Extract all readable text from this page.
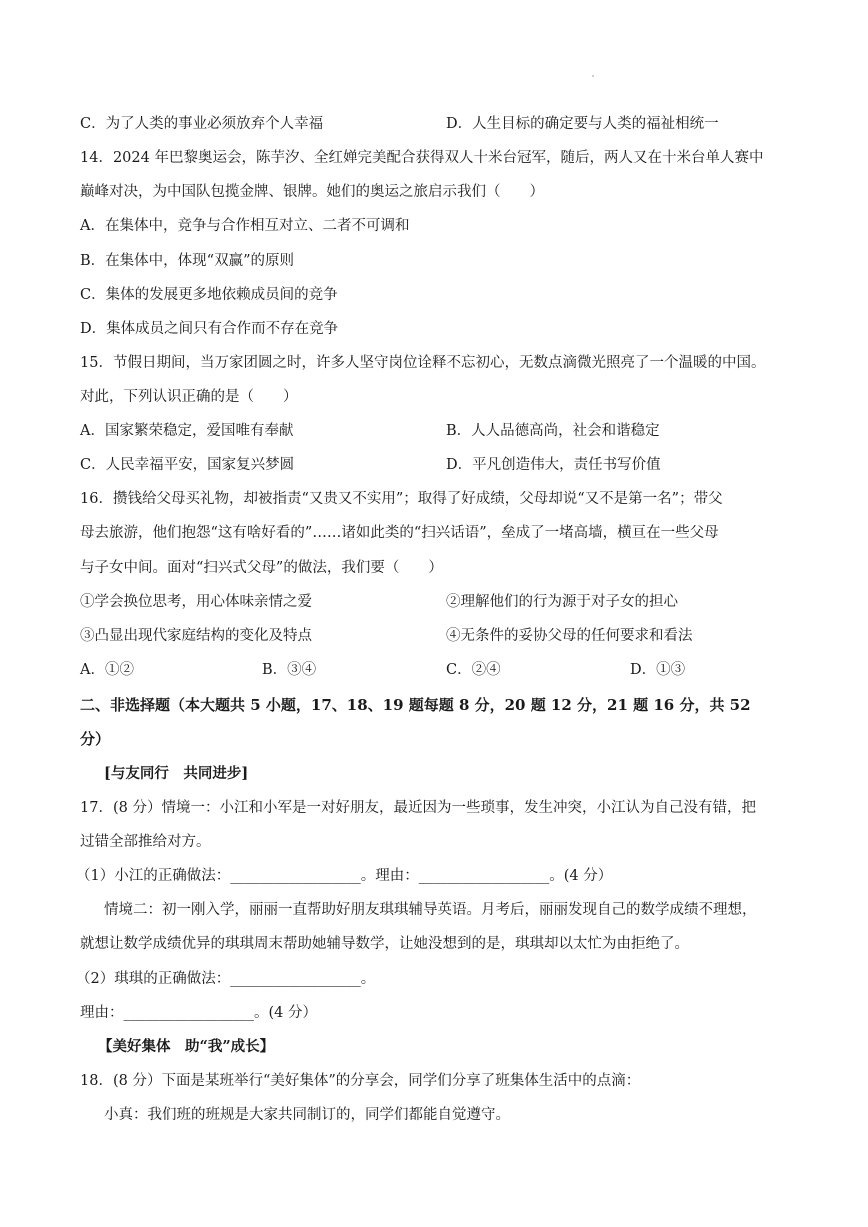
C．为了人类的事业必须放弃个人幸福	D．人生目标的确定要与人类的福祉相统一
14．2024 年巴黎奥运会，陈芋汐、全红婵完美配合获得双人十米台冠军，随后，两人又在十米台单人赛中
巅峰对决，为中国队包揽金牌、银牌。她们的奥运之旅启示我们（　　）
A．在集体中，竞争与合作相互对立、二者不可调和
B．在集体中，体现“双赢”的原则
C．集体的发展更多地依赖成员间的竞争
D．集体成员之间只有合作而不存在竞争
15．节假日期间，当万家团圆之时，许多人坚守岗位诠释不忘初心，无数点滴微光照亮了一个温暖的中国。
对此，下列认识正确的是（　　）
A．国家繁荣稳定，爱国唯有奉献	B．人人品德高尚，社会和谐稳定
C．人民幸福平安，国家复兴梦圆	D．平凡创造伟大，责任书写价值
16．攒钱给父母买礼物，却被指责“又贵又不实用”；取得了好成绩，父母却说“又不是第一名”；带父
母去旅游，他们抱怨“这有啥好看的”……诸如此类的“扫兴话语”，垒成了一堵高墙，横亘在一些父母
与子女中间。面对“扫兴式父母”的做法，我们要（　　）
①学会换位思考，用心体味亲情之爱	②理解他们的行为源于对子女的担心
③凸显出现代家庭结构的变化及特点	④无条件的妥协父母的任何要求和看法
A．①②	B．③④	C．②④	D．①③
二、非选择题（本大题共 5 小题，17、18、19 题每题 8 分，20 题 12 分，21 题 16 分，共 52
分）
[与友同行　共同进步]
17．(8 分）情境一：小江和小军是一对好朋友，最近因为一些琐事，发生冲突，小江认为自己没有错，把
过错全部推给对方。
（1）小江的正确做法：__________________。理由：__________________。(4 分）
情境二：初一刚入学，丽丽一直帮助好朋友琪琪辅导英语。月考后，丽丽发现自己的数学成绩不理想，
就想让数学成绩优异的琪琪周末帮助她辅导数学，让她没想到的是，琪琪却以太忙为由拒绝了。
（2）琪琪的正确做法：__________________。
理由：__________________。(4 分）
【美好集体　助“我”成长】
18．(8 分）下面是某班举行“美好集体”的分享会，同学们分享了班集体生活中的点滴：
小真：我们班的班规是大家共同制订的，同学们都能自觉遵守。
